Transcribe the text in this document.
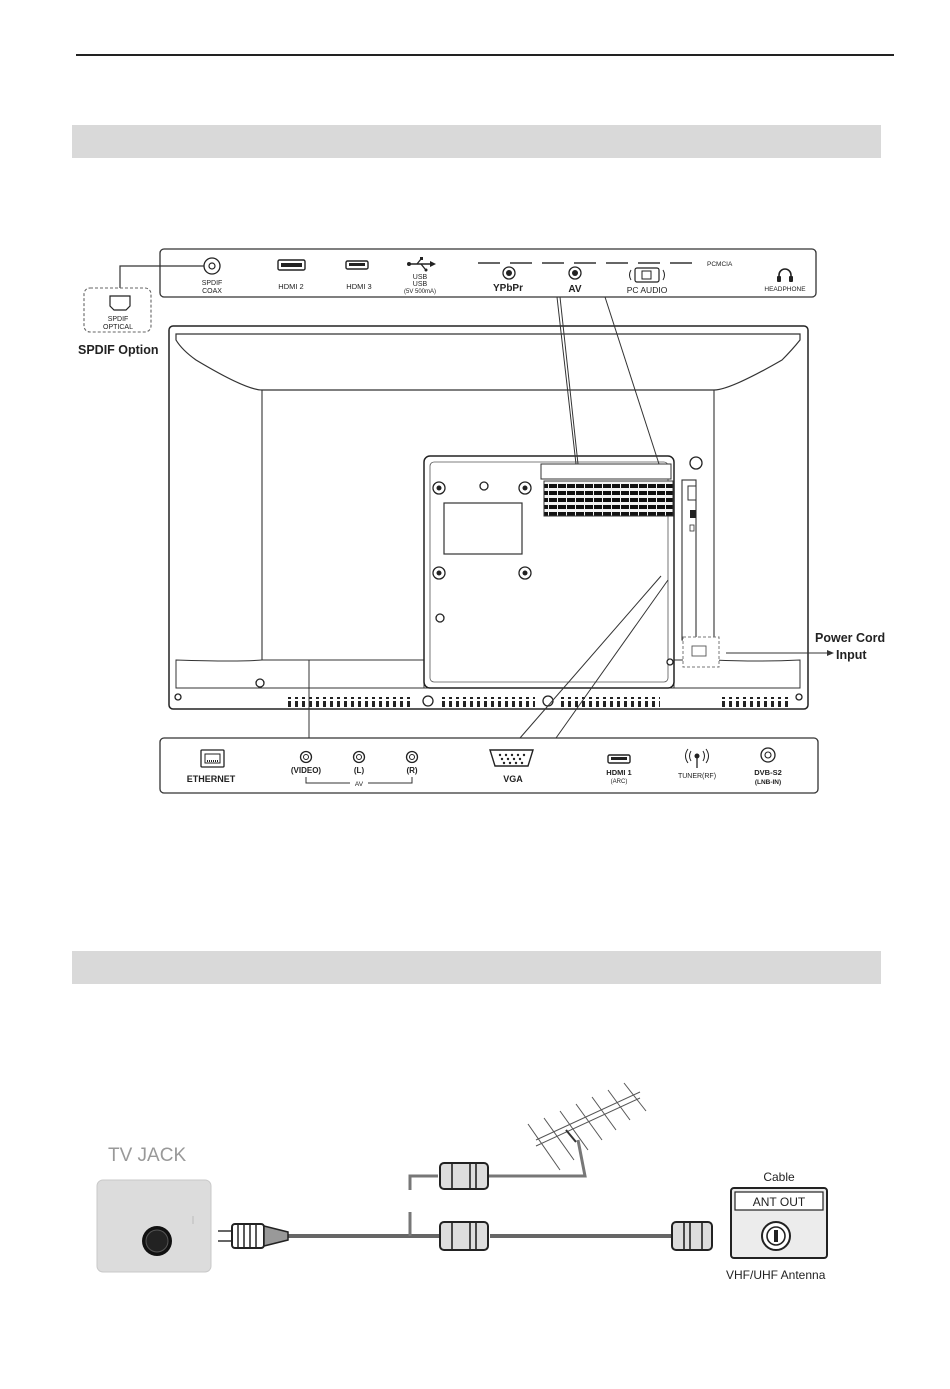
SPDIF
COAX
HDMI 2	HDMI 3
USB
USB
(5V 500mA)
PCMCIA
YPbPr	AV	PC AUDIO	HEADPHONE
SPDIF
OPTICAL
SPDIF Option
Power Cord
Input
ETHERNET
(VIDEO)	(L)	(R)
AV
VGA
HDMI 1
(ARC)
TUNER(RF)	DVB-S2
(LNB-IN)
TV JACK
Cable
ANT OUT
VHF/UHF Antenna
